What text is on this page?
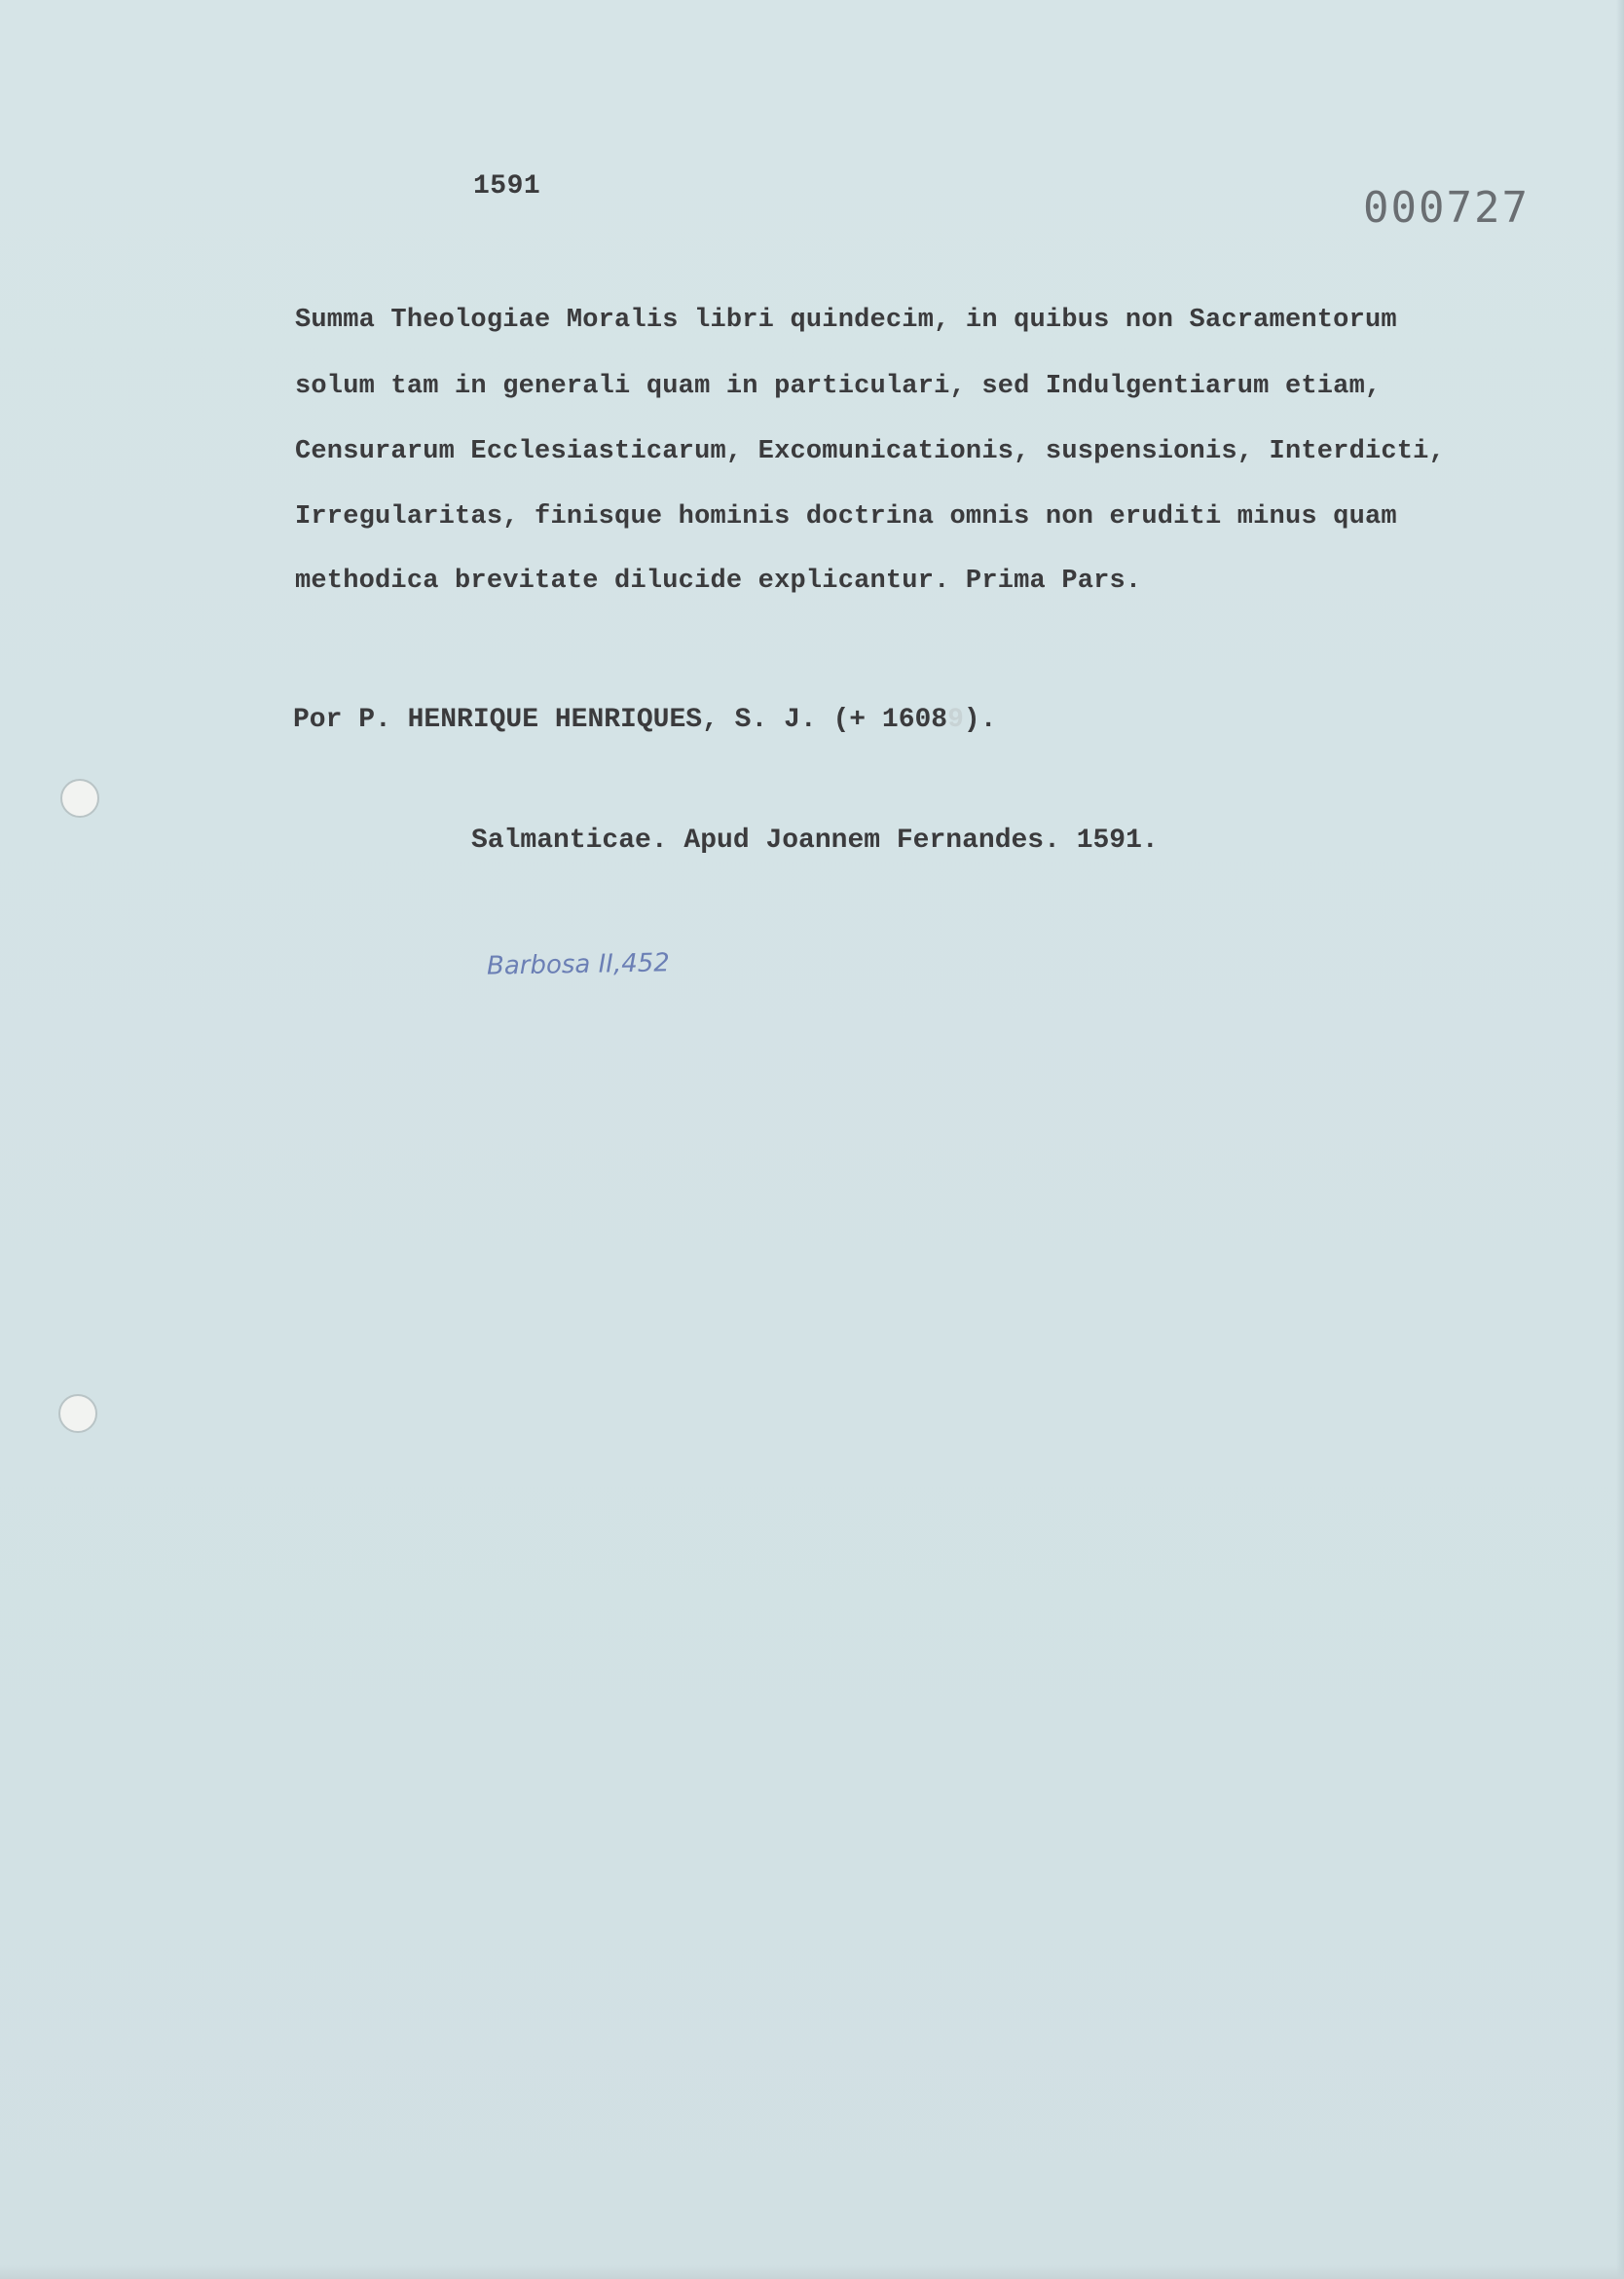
1591	000727
Summa Theologiae Moralis libri quindecim, in quibus non Sacramentorum
solum tam in generali quam in particulari, sed Indulgentiarum etiam,
Censurarum Ecclesiasticarum, Excomunicationis, suspensionis, Interdicti,
Irregularitas, finisque hominis doctrina omnis non eruditi minus quam
methodica brevitate dilucide explicantur. Prima Pars.
Por P. HENRIQUE HENRIQUES, S. J. (+ 16089).
Salmanticae. Apud Joannem Fernandes. 1591.
Barbosa II,452
